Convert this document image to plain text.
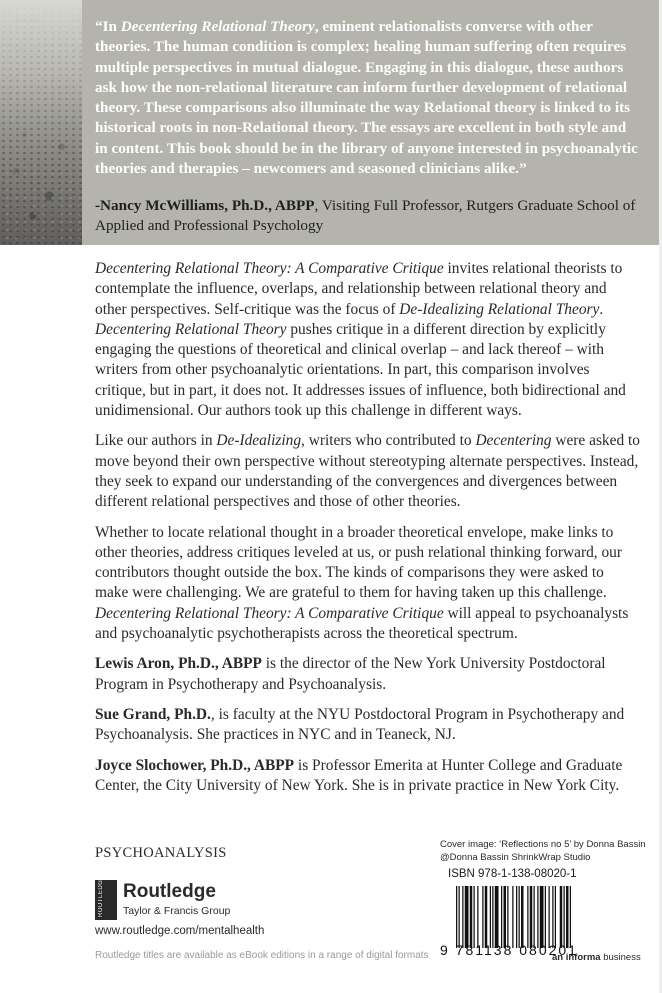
“In Decentering Relational Theory, eminent relationalists converse with other theories. The human condition is complex; healing human suffering often requires multiple perspectives in mutual dialogue. Engaging in this dialogue, these authors ask how the non-relational literature can inform further development of relational theory. These comparisons also illuminate the way Relational theory is linked to its historical roots in non-Relational theory. The essays are excellent in both style and in content. This book should be in the library of anyone interested in psychoanalytic theories and therapies – newcomers and seasoned clinicians alike.”

-Nancy McWilliams, Ph.D., ABPP, Visiting Full Professor, Rutgers Graduate School of Applied and Professional Psychology

Decentering Relational Theory: A Comparative Critique invites relational theorists to contemplate the influence, overlaps, and relationship between relational theory and other perspectives. Self-critique was the focus of De-Idealizing Relational Theory. Decentering Relational Theory pushes critique in a different direction by explicitly engaging the questions of theoretical and clinical overlap – and lack thereof – with writers from other psychoanalytic orientations. In part, this comparison involves critique, but in part, it does not. It addresses issues of influence, both bidirectional and unidimensional. Our authors took up this challenge in different ways.

Like our authors in De-Idealizing, writers who contributed to Decentering were asked to move beyond their own perspective without stereotyping alternate perspectives. Instead, they seek to expand our understanding of the convergences and divergences between different relational perspectives and those of other theories.

Whether to locate relational thought in a broader theoretical envelope, make links to other theories, address critiques leveled at us, or push relational thinking forward, our contributors thought outside the box. The kinds of comparisons they were asked to make were challenging. We are grateful to them for having taken up this challenge. Decentering Relational Theory: A Comparative Critique will appeal to psychoanalysts and psychoanalytic psychotherapists across the theoretical spectrum.

Lewis Aron, Ph.D., ABPP is the director of the New York University Postdoctoral Program in Psychotherapy and Psychoanalysis.

Sue Grand, Ph.D., is faculty at the NYU Postdoctoral Program in Psychotherapy and Psychoanalysis. She practices in NYC and in Teaneck, NJ.

Joyce Slochower, Ph.D., ABPP is Professor Emerita at Hunter College and Graduate Center, the City University of New York. She is in private practice in New York City.

PSYCHOANALYSIS

ROUTLEDGE	Routledge

Taylor & Francis Group

www.routledge.com/mentalhealth

Routledge titles are available as eBook editions in a range of digital formats

Cover image: ‘Reflections no 5’ by Donna Bassin
@Donna Bassin ShrinkWrap Studio

ISBN 978-1-138-08020-1

9 781138 080201

an informa business
